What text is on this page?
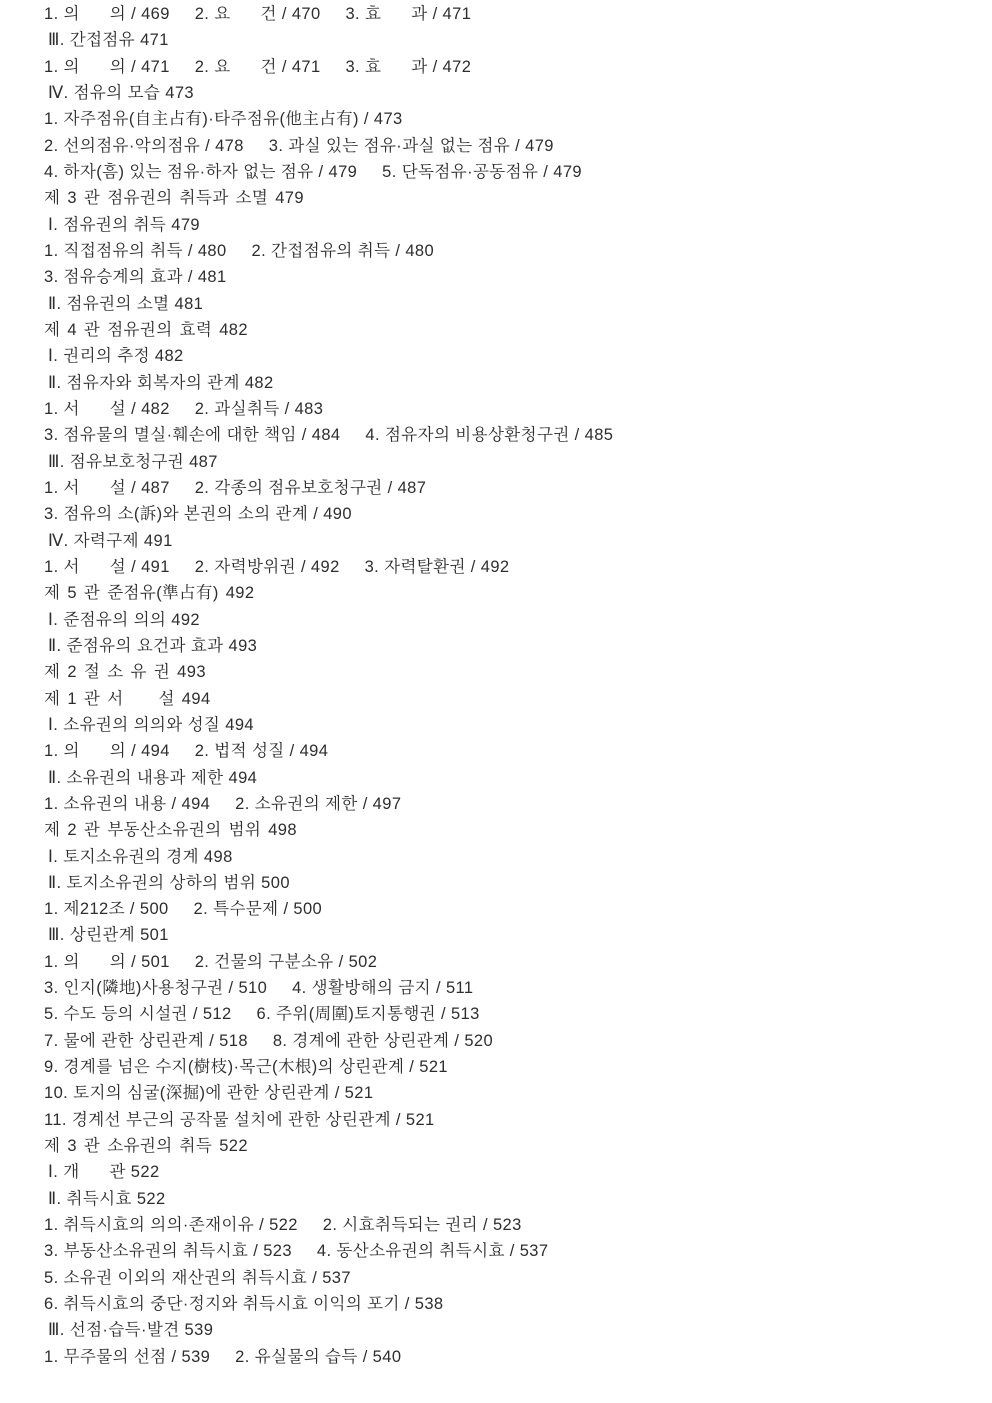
1. 의      의 / 469     2. 요      건 / 470     3. 효      과 / 471
Ⅲ. 간접점유 471
1. 의      의 / 471     2. 요      건 / 471     3. 효      과 / 472
Ⅳ. 점유의 모습 473
1. 자주점유(自主占有)·타주점유(他主占有) / 473
2. 선의점유·악의점유 / 478     3. 과실 있는 점유·과실 없는 점유 / 479
4. 하자(흠) 있는 점유·하자 없는 점유 / 479     5. 단독점유·공동점유 / 479
제 3 관 점유권의 취득과 소멸 479
Ⅰ. 점유권의 취득 479
1. 직접점유의 취득 / 480     2. 간접점유의 취득 / 480
3. 점유승계의 효과 / 481
Ⅱ. 점유권의 소멸 481
제 4 관 점유권의 효력 482
Ⅰ. 권리의 추정 482
Ⅱ. 점유자와 회복자의 관계 482
1. 서      설 / 482     2. 과실취득 / 483
3. 점유물의 멸실·훼손에 대한 책임 / 484     4. 점유자의 비용상환청구권 / 485
Ⅲ. 점유보호청구권 487
1. 서      설 / 487     2. 각종의 점유보호청구권 / 487
3. 점유의 소(訴)와 본권의 소의 관계 / 490
Ⅳ. 자력구제 491
1. 서      설 / 491     2. 자력방위권 / 492     3. 자력탈환권 / 492
제 5 관 준점유(準占有) 492
Ⅰ. 준점유의 의의 492
Ⅱ. 준점유의 요건과 효과 493
제 2 절 소 유 권 493
제 1 관 서     설 494
Ⅰ. 소유권의 의의와 성질 494
1. 의      의 / 494     2. 법적 성질 / 494
Ⅱ. 소유권의 내용과 제한 494
1. 소유권의 내용 / 494     2. 소유권의 제한 / 497
제 2 관 부동산소유권의 범위 498
Ⅰ. 토지소유권의 경계 498
Ⅱ. 토지소유권의 상하의 범위 500
1. 제212조 / 500     2. 특수문제 / 500
Ⅲ. 상린관계 501
1. 의      의 / 501     2. 건물의 구분소유 / 502
3. 인지(隣地)사용청구권 / 510     4. 생활방해의 금지 / 511
5. 수도 등의 시설권 / 512     6. 주위(周圍)토지통행권 / 513
7. 물에 관한 상린관계 / 518     8. 경계에 관한 상린관계 / 520
9. 경계를 넘은 수지(樹枝)·목근(木根)의 상린관계 / 521
10. 토지의 심굴(深掘)에 관한 상린관계 / 521
11. 경계선 부근의 공작물 설치에 관한 상린관계 / 521
제 3 관 소유권의 취득 522
Ⅰ. 개      관 522
Ⅱ. 취득시효 522
1. 취득시효의 의의·존재이유 / 522     2. 시효취득되는 권리 / 523
3. 부동산소유권의 취득시효 / 523     4. 동산소유권의 취득시효 / 537
5. 소유권 이외의 재산권의 취득시효 / 537
6. 취득시효의 중단·정지와 취득시효 이익의 포기 / 538
Ⅲ. 선점·습득·발견 539
1. 무주물의 선점 / 539     2. 유실물의 습득 / 540
